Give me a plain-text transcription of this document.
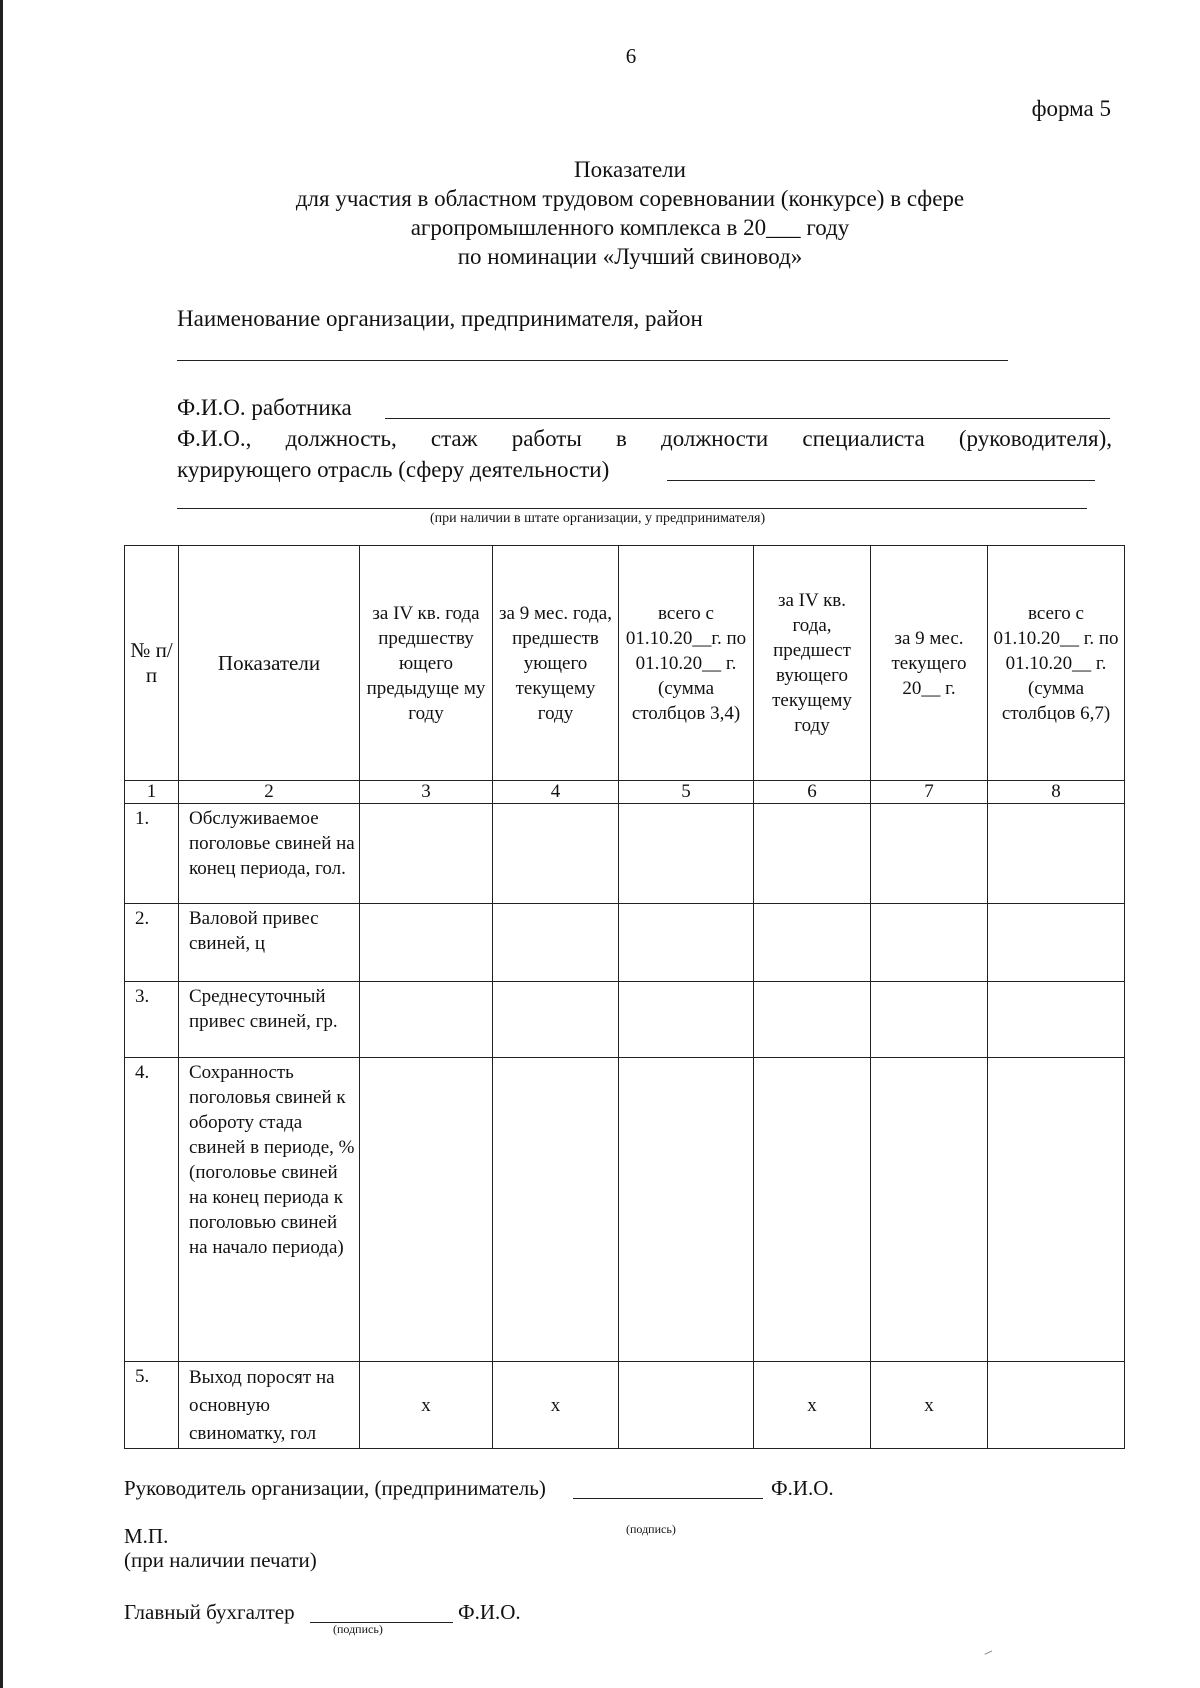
6
форма 5
Показатели
для участия в областном трудовом соревновании (конкурсе) в сфере
агропромышленного комплекса в 20___ году
по номинации «Лучший свиновод»
Наименование организации, предпринимателя, район
Ф.И.О. работника
Ф.И.О., должность, стаж работы в должности специалиста (руководителя),
курирующего отрасль (сферу деятельности)
(при наличии в штате организации, у предпринимателя)
№ п/п	Показатели	за IV кв. года предшеству ющего предыдуще му году	за 9 мес. года, предшеств ующего текущему году	всего с 01.10.20__г. по 01.10.20__ г. (сумма столбцов 3,4)	за IV кв. года, предшест вующего текущему году	за 9 мес. текущего 20__ г.	всего с 01.10.20__ г. по 01.10.20__ г. (сумма столбцов 6,7)
1	2	3	4	5	6	7	8
1.	Обслуживаемое поголовье свиней на конец периода, гол.						
2.	Валовой привес свиней, ц						
3.	Среднесуточный привес свиней, гр.						
4.	Сохранность поголовья свиней к обороту стада свиней в периоде, % (поголовье свиней на конец периода к поголовью свиней на начало периода)						
5.	Выход поросят на основную свиноматку, гол	х	х		х	х	
Руководитель организации, (предприниматель)	Ф.И.О.
(подпись)
М.П.
(при наличии печати)
Главный бухгалтер	Ф.И.О.
(подпись)
